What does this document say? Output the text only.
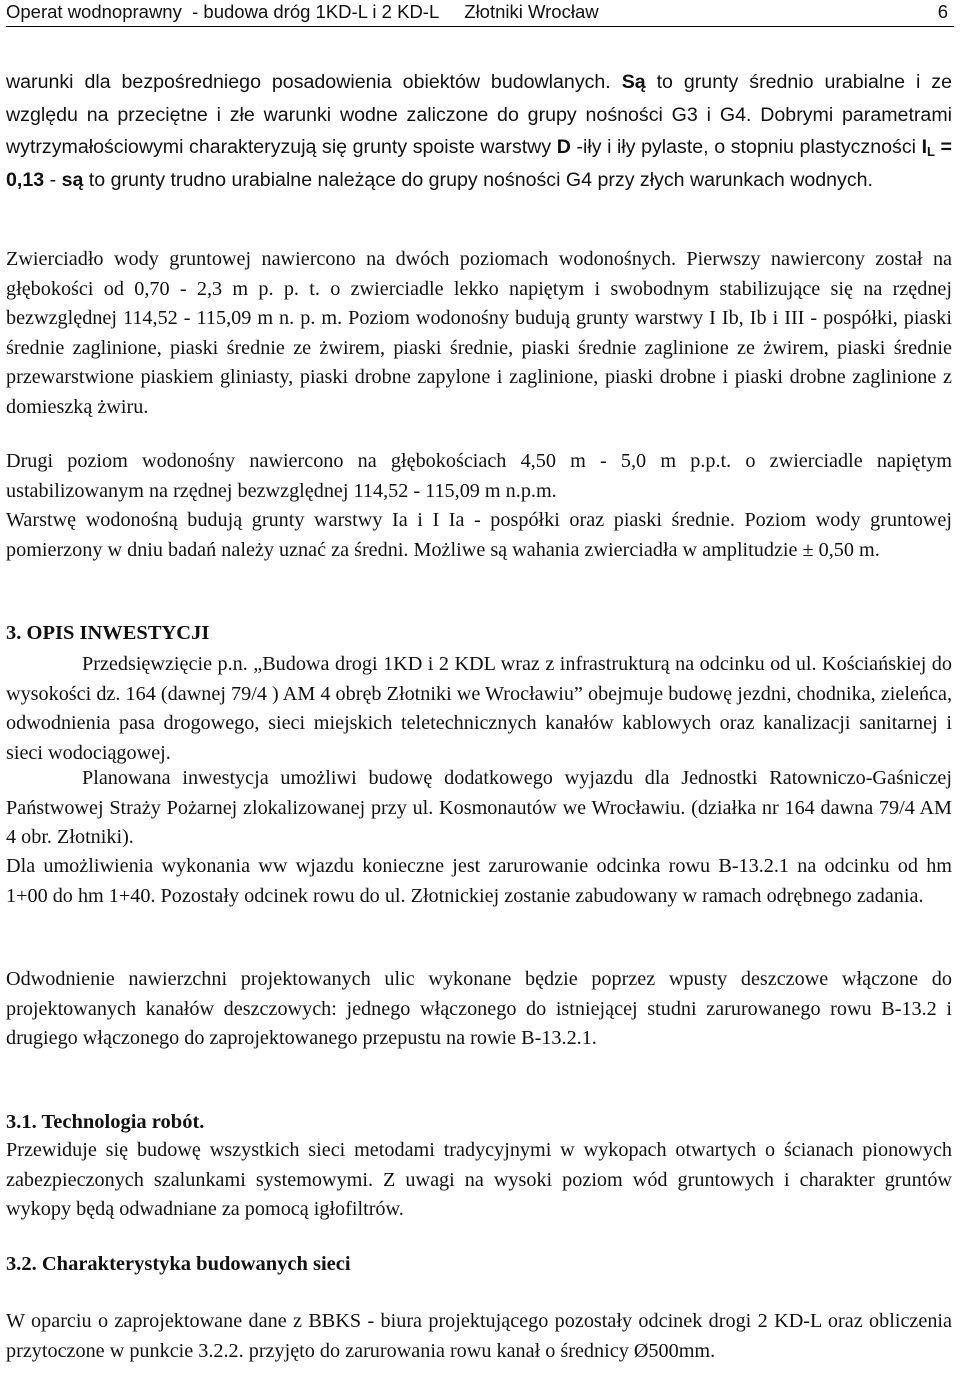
Operat wodnoprawny  - budowa dróg 1KD-L i 2 KD-L     Złotniki Wrocław	6
warunki dla bezpośredniego posadowienia obiektów budowlanych. Są to grunty średnio urabialne i ze względu na przeciętne i złe warunki wodne zaliczone do grupy nośności G3 i G4. Dobrymi parametrami wytrzymałościowymi charakteryzują się grunty spoiste warstwy D -iły i iły pylaste, o stopniu plastyczności $I_L = 0,13$ - są to grunty trudno urabialne należące do grupy nośności G4 przy złych warunkach wodnych.
Zwierciadło wody gruntowej nawiercono na dwóch poziomach wodonośnych. Pierwszy nawiercony został na głębokości od 0,70 - 2,3 m p. p. t. o zwierciadle lekko napiętym i swobodnym stabilizujące się na rzędnej bezwzględnej 114,52 - 115,09 m n. p. m. Poziom wodonośny budują grunty warstwy I Ib, Ib i III - pospółki, piaski średnie zaglinione, piaski średnie ze żwirem, piaski średnie, piaski średnie zaglinione ze żwirem, piaski średnie przewarstwione piaskiem gliniasty, piaski drobne zapylone i zaglinione, piaski drobne i piaski drobne zaglinione z domieszką żwiru.
Drugi poziom wodonośny nawiercono na głębokościach 4,50 m - 5,0 m p.p.t. o zwierciadle napiętym ustabilizowanym na rzędnej bezwzględnej 114,52 - 115,09 m n.p.m.
Warstwę wodonośną budują grunty warstwy Ia i I Ia - pospółki oraz piaski średnie. Poziom wody gruntowej pomierzony w dniu badań należy uznać za średni. Możliwe są wahania zwierciadła w amplitudzie ± 0,50 m.
3. OPIS INWESTYCJI
Przedsięwzięcie p.n. „Budowa drogi 1KD i 2 KDL wraz z infrastrukturą na odcinku od ul. Kościańskiej do wysokości dz. 164 (dawnej 79/4 ) AM 4 obręb Złotniki we Wrocławiu” obejmuje budowę jezdni, chodnika, zieleńca, odwodnienia pasa drogowego, sieci miejskich teletechnicznych kanałów kablowych oraz kanalizacji sanitarnej i sieci wodociągowej.
Planowana inwestycja umożliwi budowę dodatkowego wyjazdu dla Jednostki Ratowniczo-Gaśniczej Państwowej Straży Pożarnej zlokalizowanej przy ul. Kosmonautów we Wrocławiu. (działka nr 164 dawna 79/4 AM 4 obr. Złotniki).
Dla umożliwienia wykonania ww wjazdu konieczne jest zarurowanie odcinka rowu B-13.2.1 na odcinku od hm 1+00 do hm 1+40. Pozostały odcinek rowu do ul. Złotnickiej zostanie zabudowany w ramach odrębnego zadania.
Odwodnienie nawierzchni projektowanych ulic wykonane będzie poprzez wpusty deszczowe włączone do projektowanych kanałów deszczowych: jednego włączonego do istniejącej studni zarurowanego rowu B-13.2 i drugiego włączonego do zaprojektowanego przepustu na rowie B-13.2.1.
3.1. Technologia robót.
Przewiduje się budowę wszystkich sieci metodami tradycyjnymi w wykopach otwartych o ścianach pionowych zabezpieczonych szalunkami systemowymi. Z uwagi na wysoki poziom wód gruntowych i charakter gruntów wykopy będą odwadniane za pomocą igłofiltrów.
3.2. Charakterystyka budowanych sieci
W oparciu o zaprojektowane dane z BBKS - biura projektującego pozostały odcinek drogi 2 KD-L oraz obliczenia przytoczone w punkcie 3.2.2. przyjęto do zarurowania rowu kanał o średnicy Ø500mm.
